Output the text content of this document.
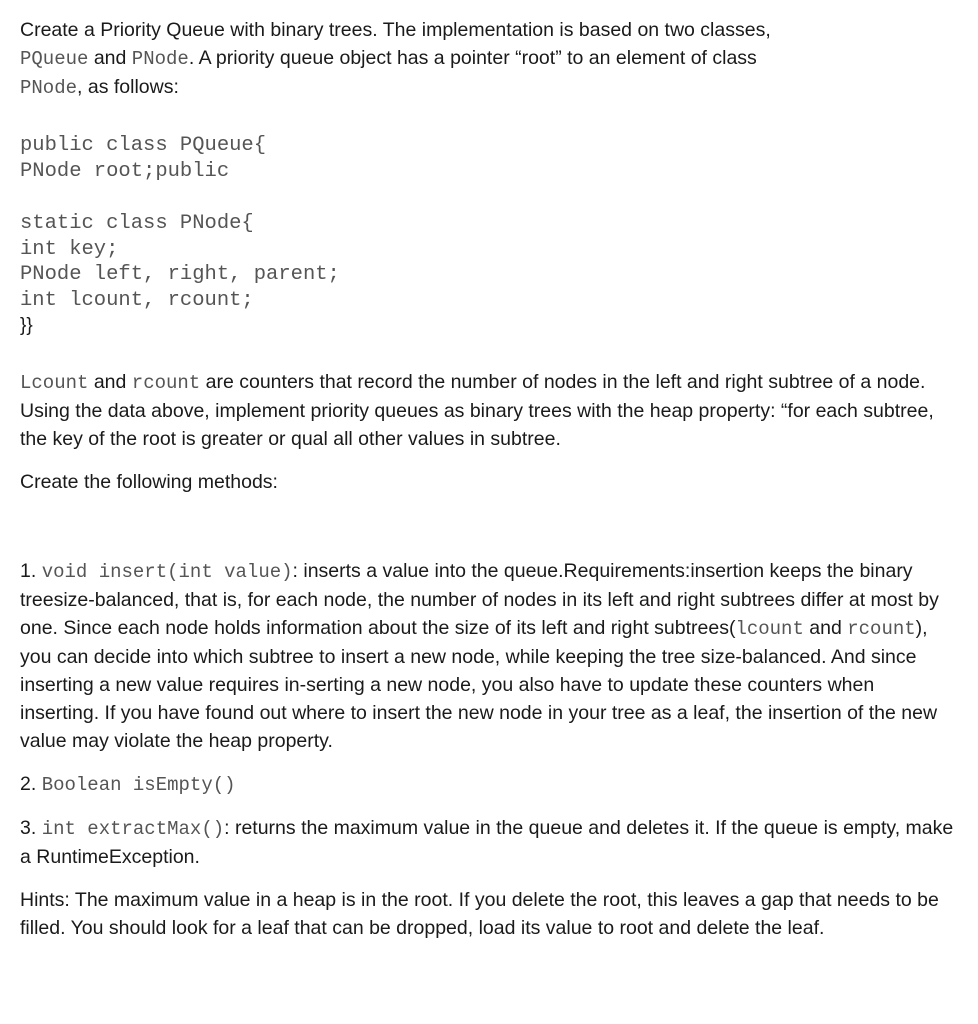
Create a Priority Queue with binary trees. The implementation is based on two classes,
PQueue and PNode. A priority queue object has a pointer “root” to an element of class
PNode, as follows:

public class PQueue{
PNode root;public
static class PNode{
int key;
PNode left, right, parent;
int lcount, rcount;
}}

Lcount and rcount are counters that record the number of nodes in the left and right subtree of a node. Using the data above, implement priority queues as binary trees with the heap property: “for each subtree, the key of the root is greater or qual all other values in subtree.

Create the following methods:

1. void insert(int value): inserts a value into the queue.Requirements:insertion keeps the binary treesize-balanced, that is, for each node, the number of nodes in its left and right subtrees differ at most by one. Since each node holds information about the size of its left and right subtrees(lcount and rcount), you can decide into which subtree to insert a new node, while keeping the tree size-balanced. And since inserting a new value requires in-serting a new node, you also have to update these counters when inserting. If you have found out where to insert the new node in your tree as a leaf, the insertion of the new value may violate the heap property.

2. Boolean isEmpty()

3. int extractMax(): returns the maximum value in the queue and deletes it. If the queue is empty, make a RuntimeException.

Hints: The maximum value in a heap is in the root. If you delete the root, this leaves a gap that needs to be filled. You should look for a leaf that can be dropped, load its value to root and delete the leaf.
